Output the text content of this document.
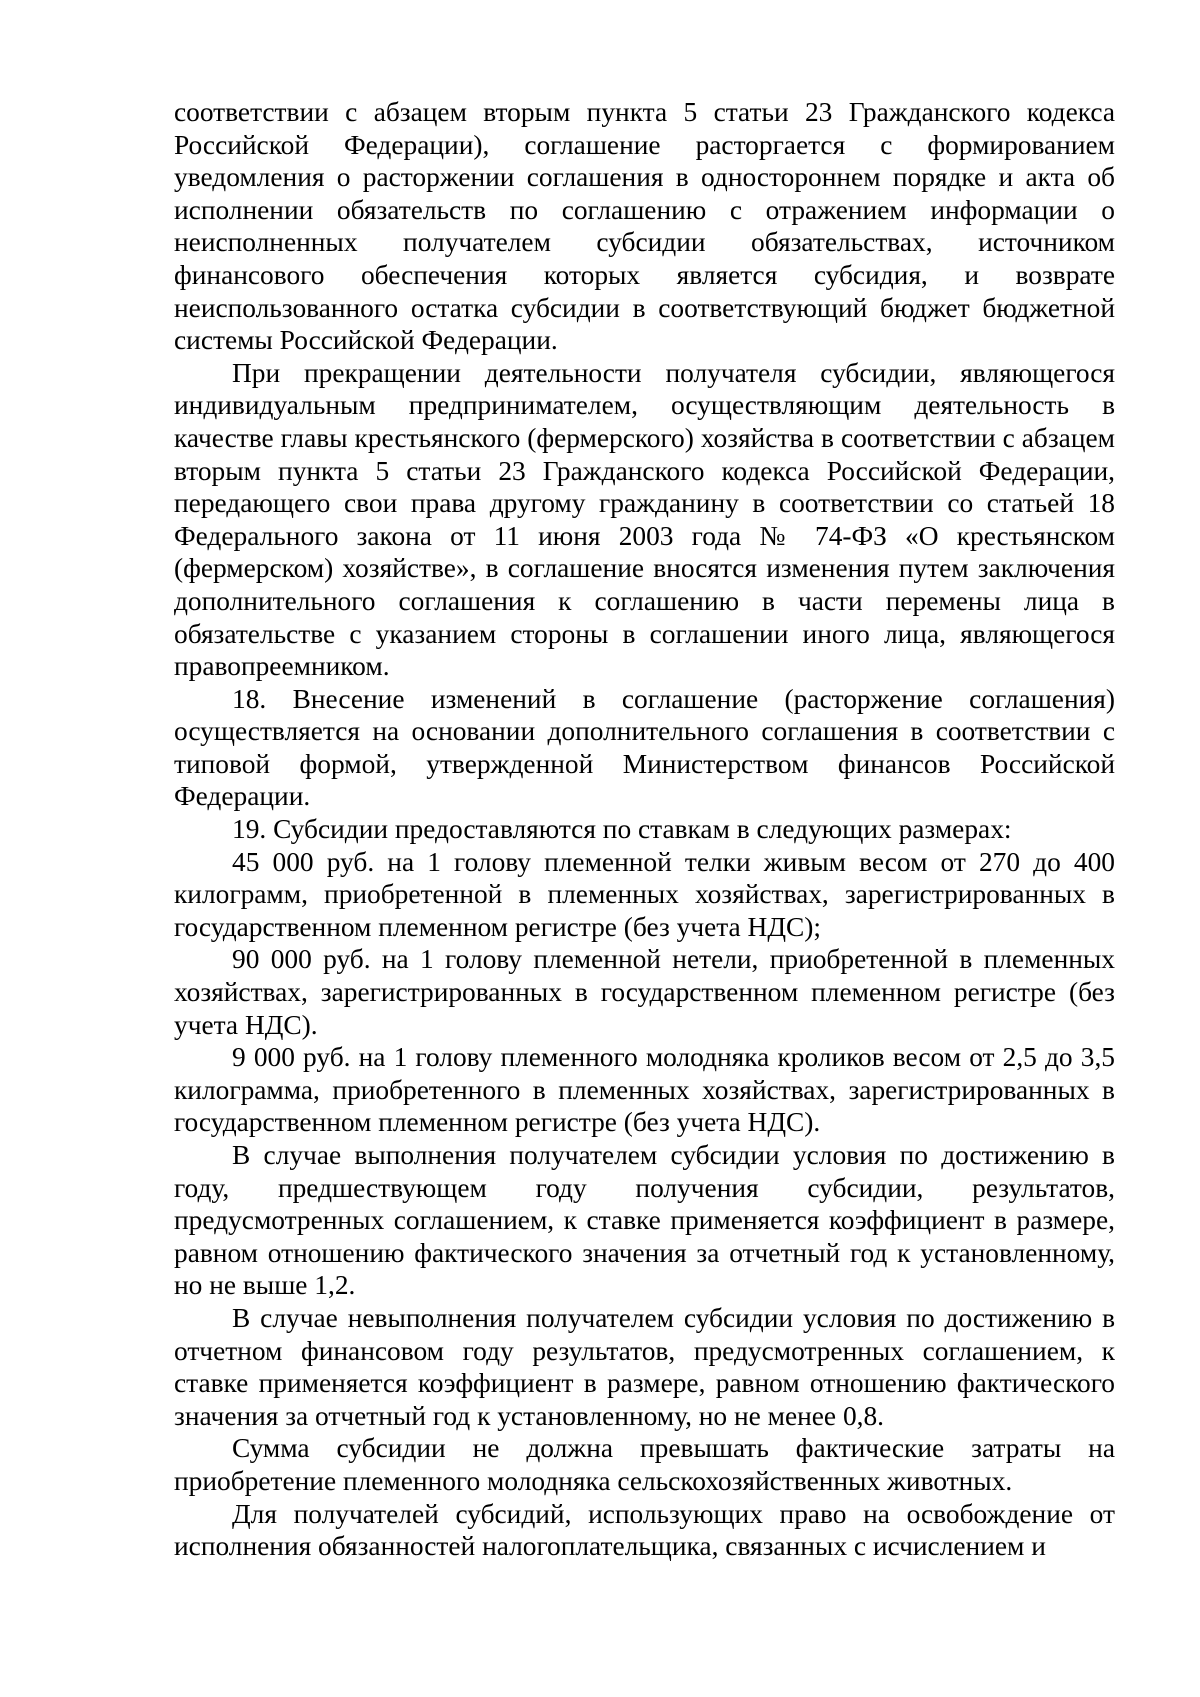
соответствии с абзацем вторым пункта 5 статьи 23 Гражданского кодекса Российской Федерации), соглашение расторгается с формированием уведомления о расторжении соглашения в одностороннем порядке и акта об исполнении обязательств по соглашению с отражением информации о неисполненных получателем субсидии обязательствах, источником финансового обеспечения которых является субсидия, и возврате неиспользованного остатка субсидии в соответствующий бюджет бюджетной системы Российской Федерации.

При прекращении деятельности получателя субсидии, являющегося индивидуальным предпринимателем, осуществляющим деятельность в качестве главы крестьянского (фермерского) хозяйства в соответствии с абзацем вторым пункта 5 статьи 23 Гражданского кодекса Российской Федерации, передающего свои права другому гражданину в соответствии со статьей 18 Федерального закона от 11 июня 2003 года № 74-ФЗ «О крестьянском (фермерском) хозяйстве», в соглашение вносятся изменения путем заключения дополнительного соглашения к соглашению в части перемены лица в обязательстве с указанием стороны в соглашении иного лица, являющегося правопреемником.

18. Внесение изменений в соглашение (расторжение соглашения) осуществляется на основании дополнительного соглашения в соответствии с типовой формой, утвержденной Министерством финансов Российской Федерации.

19. Субсидии предоставляются по ставкам в следующих размерах:

45 000 руб. на 1 голову племенной телки живым весом от 270 до 400 килограмм, приобретенной в племенных хозяйствах, зарегистрированных в государственном племенном регистре (без учета НДС);

90 000 руб. на 1 голову племенной нетели, приобретенной в племенных хозяйствах, зарегистрированных в государственном племенном регистре (без учета НДС).

9 000 руб. на 1 голову племенного молодняка кроликов весом от 2,5 до 3,5 килограмма, приобретенного в племенных хозяйствах, зарегистрированных в государственном племенном регистре (без учета НДС).

В случае выполнения получателем субсидии условия по достижению в году, предшествующем году получения субсидии, результатов, предусмотренных соглашением, к ставке применяется коэффициент в размере, равном отношению фактического значения за отчетный год к установленному, но не выше 1,2.

В случае невыполнения получателем субсидии условия по достижению в отчетном финансовом году результатов, предусмотренных соглашением, к ставке применяется коэффициент в размере, равном отношению фактического значения за отчетный год к установленному, но не менее 0,8.

Сумма субсидии не должна превышать фактические затраты на приобретение племенного молодняка сельскохозяйственных животных.

Для получателей субсидий, использующих право на освобождение от исполнения обязанностей налогоплательщика, связанных с исчислением и
